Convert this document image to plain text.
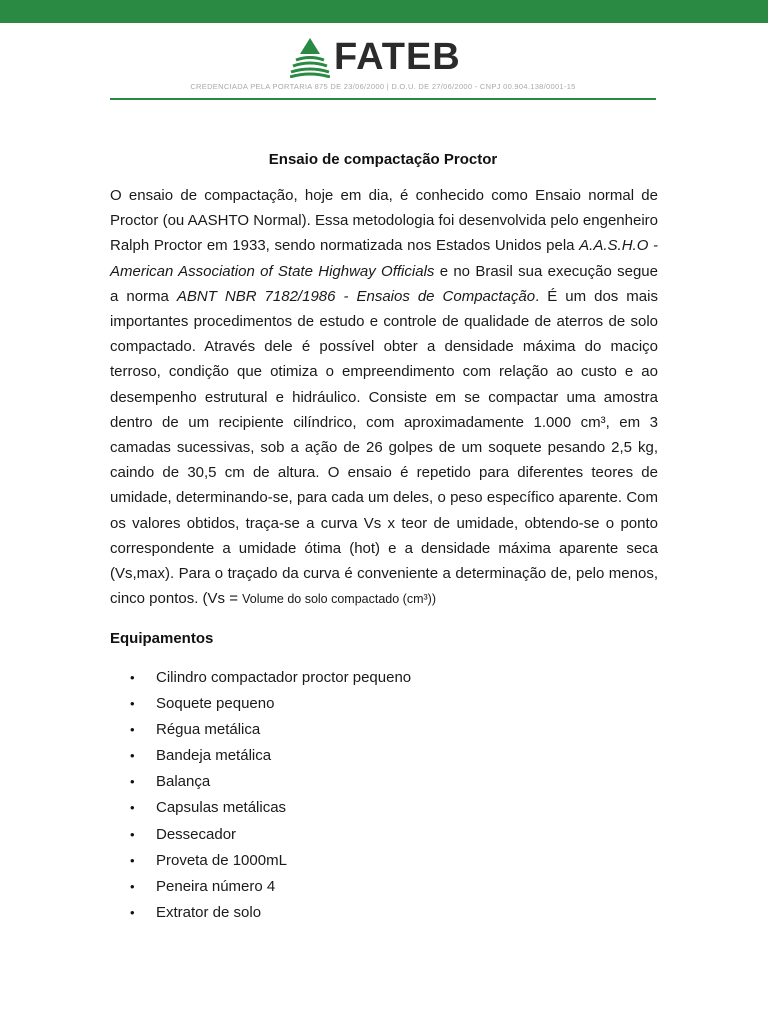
FATEB
CREDENCIADA PELA PORTARIA 875 DE 23/06/2000 | D.O.U. DE 27/06/2000 - CNPJ 00.904.138/0001-15
Ensaio de compactação Proctor
O ensaio de compactação, hoje em dia, é conhecido como Ensaio normal de Proctor (ou AASHTO Normal). Essa metodologia foi desenvolvida pelo engenheiro Ralph Proctor em 1933, sendo normatizada nos Estados Unidos pela A.A.S.H.O - American Association of State Highway Officials e no Brasil sua execução segue a norma ABNT NBR 7182/1986 - Ensaios de Compactação. É um dos mais importantes procedimentos de estudo e controle de qualidade de aterros de solo compactado. Através dele é possível obter a densidade máxima do maciço terroso, condição que otimiza o empreendimento com relação ao custo e ao desempenho estrutural e hidráulico. Consiste em se compactar uma amostra dentro de um recipiente cilíndrico, com aproximadamente 1.000 cm³, em 3 camadas sucessivas, sob a ação de 26 golpes de um soquete pesando 2,5 kg, caindo de 30,5 cm de altura. O ensaio é repetido para diferentes teores de umidade, determinando-se, para cada um deles, o peso específico aparente. Com os valores obtidos, traça-se a curva Vs x teor de umidade, obtendo-se o ponto correspondente a umidade ótima (hot) e a densidade máxima aparente seca (Vs,max). Para o traçado da curva é conveniente a determinação de, pelo menos, cinco pontos. (Vs = Volume do solo compactado (cm³))
Equipamentos
•	Cilindro compactador proctor pequeno
•	Soquete pequeno
•	Régua metálica
•	Bandeja metálica
•	Balança
•	Capsulas metálicas
•	Dessecador
•	Proveta de 1000mL
•	Peneira número 4
•	Extrator de solo
